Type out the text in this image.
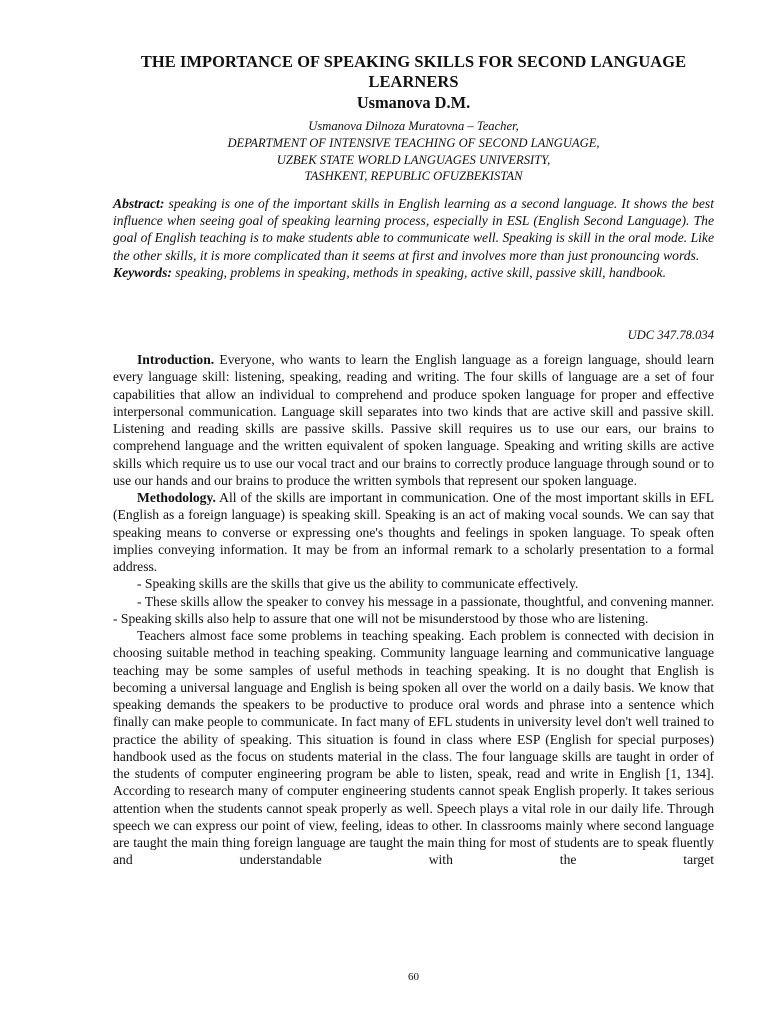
THE IMPORTANCE OF SPEAKING SKILLS FOR SECOND LANGUAGE LEARNERS
Usmanova D.M.
Usmanova Dilnoza Muratovna – Teacher,
DEPARTMENT OF INTENSIVE TEACHING OF SECOND LANGUAGE,
UZBEK STATE WORLD LANGUAGES UNIVERSITY,
TASHKENT, REPUBLIC OFUZBEKISTAN

Abstract: speaking is one of the important skills in English learning as a second language. It shows the best influence when seeing goal of speaking learning process, especially in ESL (English Second Language). The goal of English teaching is to make students able to communicate well. Speaking is skill in the oral mode. Like the other skills, it is more complicated than it seems at first and involves more than just pronouncing words.

Keywords: speaking, problems in speaking, methods in speaking, active skill, passive skill, handbook.

UDC 347.78.034

Introduction. Everyone, who wants to learn the English language as a foreign language, should learn every language skill: listening, speaking, reading and writing. The four skills of language are a set of four capabilities that allow an individual to comprehend and produce spoken language for proper and effective interpersonal communication. Language skill separates into two kinds that are active skill and passive skill. Listening and reading skills are passive skills. Passive skill requires us to use our ears, our brains to comprehend language and the written equivalent of spoken language. Speaking and writing skills are active skills which require us to use our vocal tract and our brains to correctly produce language through sound or to use our hands and our brains to produce the written symbols that represent our spoken language.

Methodology. All of the skills are important in communication. One of the most important skills in EFL (English as a foreign language) is speaking skill. Speaking is an act of making vocal sounds. We can say that speaking means to converse or expressing one's thoughts and feelings in spoken language. To speak often implies conveying information. It may be from an informal remark to a scholarly presentation to a formal address.

- Speaking skills are the skills that give us the ability to communicate effectively.

- These skills allow the speaker to convey his message in a passionate, thoughtful, and convening manner. - Speaking skills also help to assure that one will not be misunderstood by those who are listening.

Teachers almost face some problems in teaching speaking. Each problem is connected with decision in choosing suitable method in teaching speaking. Community language learning and communicative language teaching may be some samples of useful methods in teaching speaking. It is no dought that English is becoming a universal language and English is being spoken all over the world on a daily basis. We know that speaking demands the speakers to be productive to produce oral words and phrase into a sentence which finally can make people to communicate. In fact many of EFL students in university level don't well trained to practice the ability of speaking. This situation is found in class where ESP (English for special purposes) handbook used as the focus on students material in the class. The four language skills are taught in order of the students of computer engineering program be able to listen, speak, read and write in English [1, 134]. According to research many of computer engineering students cannot speak English properly. It takes serious attention when the students cannot speak properly as well. Speech plays a vital role in our daily life. Through speech we can express our point of view, feeling, ideas to other. In classrooms mainly where second language are taught the main thing foreign language are taught the main thing for most of students are to speak fluently and understandable with the target

60
